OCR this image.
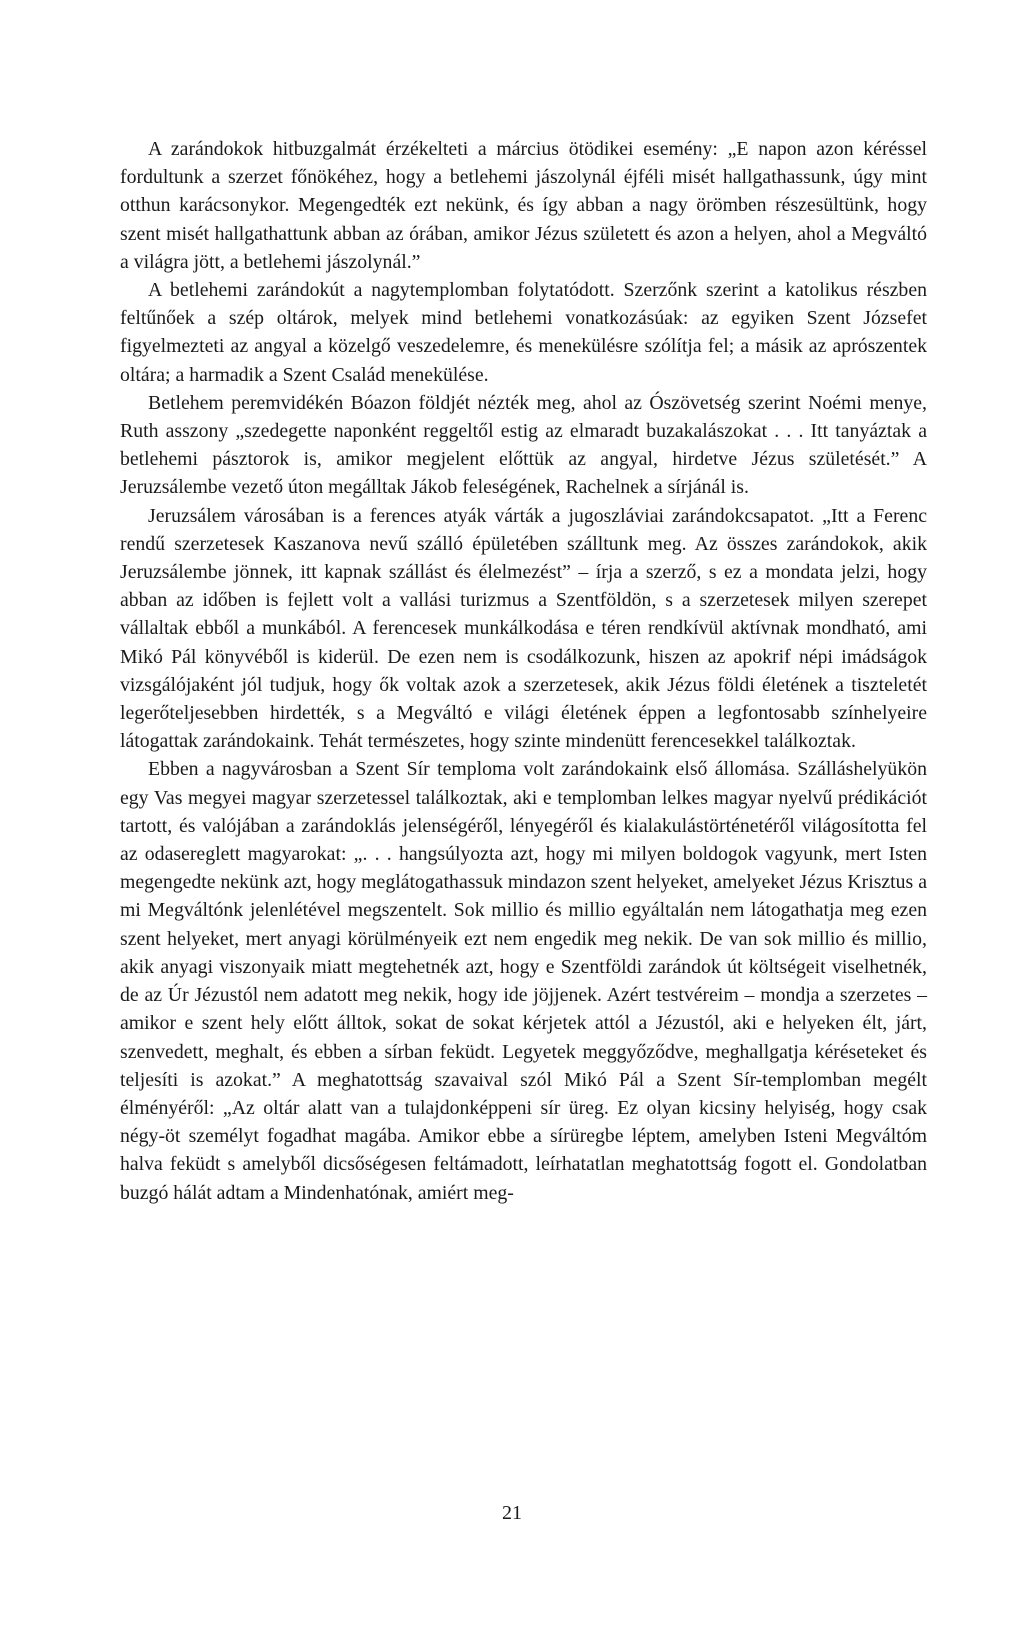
A zarándokok hitbuzgalmát érzékelteti a március ötödikei esemény: „E napon azon kéréssel fordultunk a szerzet főnökéhez, hogy a betlehemi jászolynál éjféli misét hallgathassunk, úgy mint otthun karácsonykor. Megengedték ezt nekünk, és így abban a nagy örömben részesültünk, hogy szent misét hallgathattunk abban az órában, amikor Jézus született és azon a helyen, ahol a Megváltó a világra jött, a betlehemi jászolynál.”

A betlehemi zarándokút a nagytemplomban folytatódott. Szerzőnk szerint a katolikus részben feltűnőek a szép oltárok, melyek mind betlehemi vonatkozásúak: az egyiken Szent Józsefet figyelmezteti az angyal a közelgő veszedelemre, és menekülésre szólítja fel; a másik az aprószentek oltára; a harmadik a Szent Család menekülése.

Betlehem peremvidékén Bóazon földjét nézték meg, ahol az Ószövetség szerint Noémi menye, Ruth asszony „szedegette naponként reggeltől estig az elmaradt buzakalászokat . . . Itt tanyáztak a betlehemi pásztorok is, amikor megjelent előttük az angyal, hirdetve Jézus születését.” A Jeruzsálembe vezető úton megálltak Jákob feleségének, Rachelnek a sírjánál is.

Jeruzsálem városában is a ferences atyák várták a jugoszláviai zarándokcsapatot. „Itt a Ferenc rendű szerzetesek Kaszanova nevű szálló épületében szálltunk meg. Az összes zarándokok, akik Jeruzsálembe jönnek, itt kapnak szállást és élelmezést” – írja a szerző, s ez a mondata jelzi, hogy abban az időben is fejlett volt a vallási turizmus a Szentföldön, s a szerzetesek milyen szerepet vállaltak ebből a munkából. A ferencesek munkálkodása e téren rendkívül aktívnak mondható, ami Mikó Pál könyvéből is kiderül. De ezen nem is csodálkozunk, hiszen az apokrif népi imádságok vizsgálójaként jól tudjuk, hogy ők voltak azok a szerzetesek, akik Jézus földi életének a tiszteletét legerőteljesebben hirdették, s a Megváltó e világi életének éppen a legfontosabb színhelyeire látogattak zarándokaink. Tehát természetes, hogy szinte mindenütt ferencesekkel találkoztak.

Ebben a nagyvárosban a Szent Sír temploma volt zarándokaink első állomása. Szálláshelyükön egy Vas megyei magyar szerzetessel találkoztak, aki e templomban lelkes magyar nyelvű prédikációt tartott, és valójában a zarándoklás jelenségéről, lényegéről és kialakulástörténetéről világosította fel az odasereglett magyarokat: „. . . hangsúlyozta azt, hogy mi milyen boldogok vagyunk, mert Isten megengedte nekünk azt, hogy meglátogathassuk mindazon szent helyeket, amelyeket Jézus Krisztus a mi Megváltónk jelenlétével megszentelt. Sok millio és millio egyáltalán nem látogathatja meg ezen szent helyeket, mert anyagi körülményeik ezt nem engedik meg nekik. De van sok millio és millio, akik anyagi viszonyaik miatt megtehetnék azt, hogy e Szentföldi zarándok út költségeit viselhetnék, de az Úr Jézustól nem adatott meg nekik, hogy ide jöjjenek. Azért testvéreim – mondja a szerzetes – amikor e szent hely előtt álltok, sokat de sokat kérjetek attól a Jézustól, aki e helyeken élt, járt, szenvedett, meghalt, és ebben a sírban feküdt. Legyetek meggyőződve, meghallgatja kéréseteket és teljesíti is azokat.” A meghatottság szavaival szól Mikó Pál a Szent Sír-templomban megélt élményéről: „Az oltár alatt van a tulajdonképpeni sír üreg. Ez olyan kicsiny helyiség, hogy csak négy-öt személyt fogadhat magába. Amikor ebbe a sírüregbe léptem, amelyben Isteni Megváltóm halva feküdt s amelyből dicsőségesen feltámadott, leírhatatlan meghatottság fogott el. Gondolatban buzgó hálát adtam a Mindenhatónak, amiért meg-

21
